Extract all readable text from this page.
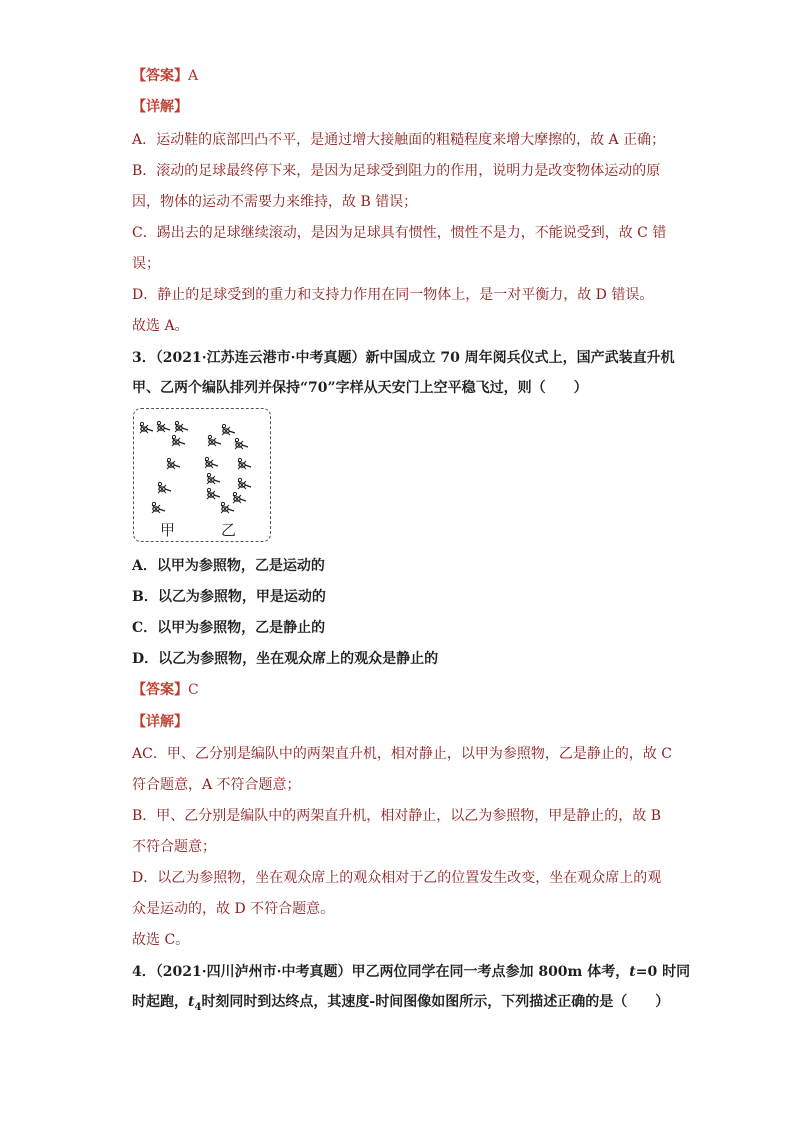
【答案】A
【详解】
A．运动鞋的底部凹凸不平，是通过增大接触面的粗糙程度来增大摩擦的，故 A 正确；
B．滚动的足球最终停下来，是因为足球受到阻力的作用，说明力是改变物体运动的原
因，物体的运动不需要力来维持，故 B 错误；
C．踢出去的足球继续滚动，是因为足球具有惯性，惯性不是力，不能说受到，故 C 错
误；
D．静止的足球受到的重力和支持力作用在同一物体上，是一对平衡力，故 D 错误。
故选 A。
3．（2021·江苏连云港市·中考真题）新中国成立 70 周年阅兵仪式上，国产武装直升机
甲、乙两个编队排列并保持“70”字样从天安门上空平稳飞过，则（　　）
甲	乙
A．以甲为参照物，乙是运动的
B．以乙为参照物，甲是运动的
C．以甲为参照物，乙是静止的
D．以乙为参照物，坐在观众席上的观众是静止的
【答案】C
【详解】
AC．甲、乙分别是编队中的两架直升机，相对静止，以甲为参照物，乙是静止的，故 C
符合题意，A 不符合题意；
B．甲、乙分别是编队中的两架直升机，相对静止，以乙为参照物，甲是静止的，故 B
不符合题意；
D．以乙为参照物，坐在观众席上的观众相对于乙的位置发生改变，坐在观众席上的观
众是运动的，故 D 不符合题意。
故选 C。
4．（2021·四川泸州市·中考真题）甲乙两位同学在同一考点参加 800m 体考，t=0 时同
时起跑，$t_4$时刻同时到达终点，其速度-时间图像如图所示，下列描述正确的是（　　）
